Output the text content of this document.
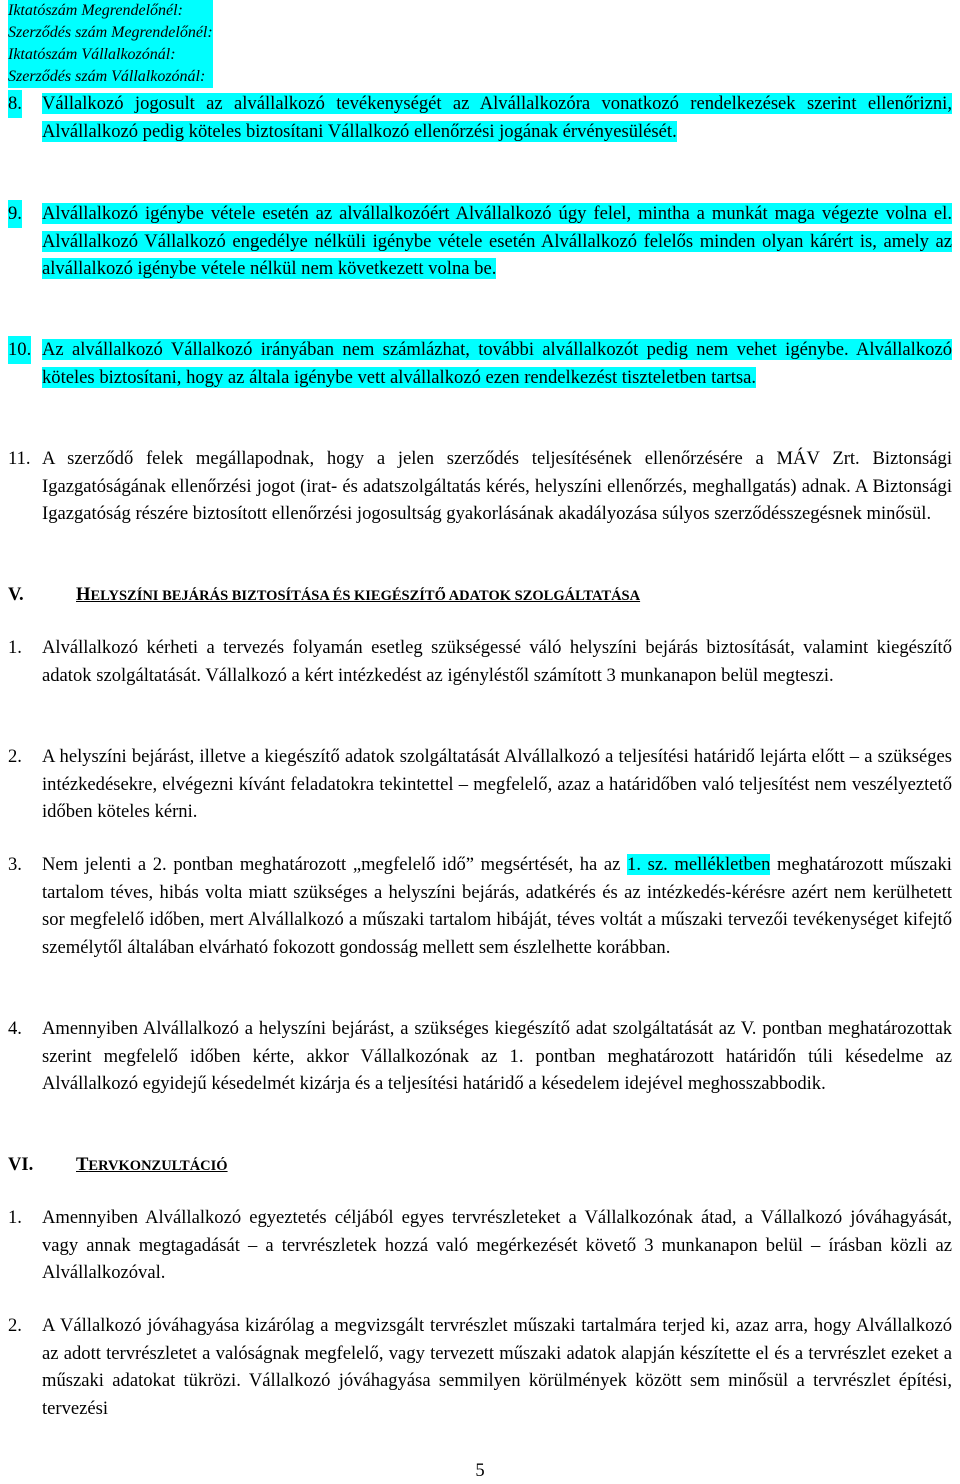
Iktatószám Megrendelőnél:
Szerződés szám Megrendelőnél:
Iktatószám Vállalkozónál:
Szerződés szám Vállalkozónál:
8. Vállalkozó jogosult az alvállalkozó tevékenységét az Alvállalkozóra vonatkozó rendelkezések szerint ellenőrizni, Alvállalkozó pedig köteles biztosítani Vállalkozó ellenőrzési jogának érvényesülését.
9. Alvállalkozó igénybe vétele esetén az alvállalkozóért Alvállalkozó úgy felel, mintha a munkát maga végezte volna el. Alvállalkozó Vállalkozó engedélye nélküli igénybe vétele esetén Alvállalkozó felelős minden olyan kárért is, amely az alvállalkozó igénybe vétele nélkül nem következett volna be.
10. Az alvállalkozó Vállalkozó irányában nem számlázhat, további alvállalkozót pedig nem vehet igénybe. Alvállalkozó köteles biztosítani, hogy az általa igénybe vett alvállalkozó ezen rendelkezést tiszteletben tartsa.
11. A szerződő felek megállapodnak, hogy a jelen szerződés teljesítésének ellenőrzésére a MÁV Zrt. Biztonsági Igazgatóságának ellenőrzési jogot (irat- és adatszolgáltatás kérés, helyszíni ellenőrzés, meghallgatás) adnak. A Biztonsági Igazgatóság részére biztosított ellenőrzési jogosultság gyakorlásának akadályozása súlyos szerződésszegésnek minősül.
V.	HELYSZÍNI BEJÁRÁS BIZTOSÍTÁSA ÉS KIEGÉSZÍTŐ ADATOK SZOLGÁLTATÁSA
1. Alvállalkozó kérheti a tervezés folyamán esetleg szükségessé váló helyszíni bejárás biztosítását, valamint kiegészítő adatok szolgáltatását. Vállalkozó a kért intézkedést az igényléstől számított 3 munkanapon belül megteszi.
2. A helyszíni bejárást, illetve a kiegészítő adatok szolgáltatását Alvállalkozó a teljesítési határidő lejárta előtt – a szükséges intézkedésekre, elvégezni kívánt feladatokra tekintettel – megfelelő, azaz a határidőben való teljesítést nem veszélyeztető időben köteles kérni.
3. Nem jelenti a 2. pontban meghatározott „megfelelő idő” megsértését, ha az 1. sz. mellékletben meghatározott műszaki tartalom téves, hibás volta miatt szükséges a helyszíni bejárás, adatkérés és az intézkedés-kérésre azért nem kerülhetett sor megfelelő időben, mert Alvállalkozó a műszaki tartalom hibáját, téves voltát a műszaki tervezői tevékenységet kifejtő személytől általában elvárható fokozott gondosság mellett sem észlelhette korábban.
4. Amennyiben Alvállalkozó a helyszíni bejárást, a szükséges kiegészítő adat szolgáltatását az V. pontban meghatározottak szerint megfelelő időben kérte, akkor Vállalkozónak az 1. pontban meghatározott határidőn túli késedelme az Alvállalkozó egyidejű késedelmét kizárja és a teljesítési határidő a késedelem idejével meghosszabbodik.
VI. TERVKONZULTÁCIÓ
1. Amennyiben Alvállalkozó egyeztetés céljából egyes tervrészleteket a Vállalkozónak átad, a Vállalkozó jóváhagyását, vagy annak megtagadását – a tervrészletek hozzá való megérkezését követő 3 munkanapon belül – írásban közli az Alvállalkozóval.
2. A Vállalkozó jóváhagyása kizárólag a megvizsgált tervrészlet műszaki tartalmára terjed ki, azaz arra, hogy Alvállalkozó az adott tervrészletet a valóságnak megfelelő, vagy tervezett műszaki adatok alapján készítette el és a tervrészlet ezeket a műszaki adatokat tükrözi. Vállalkozó jóváhagyása semmilyen körülmények között sem minősül a tervrészlet építési, tervezési
5
